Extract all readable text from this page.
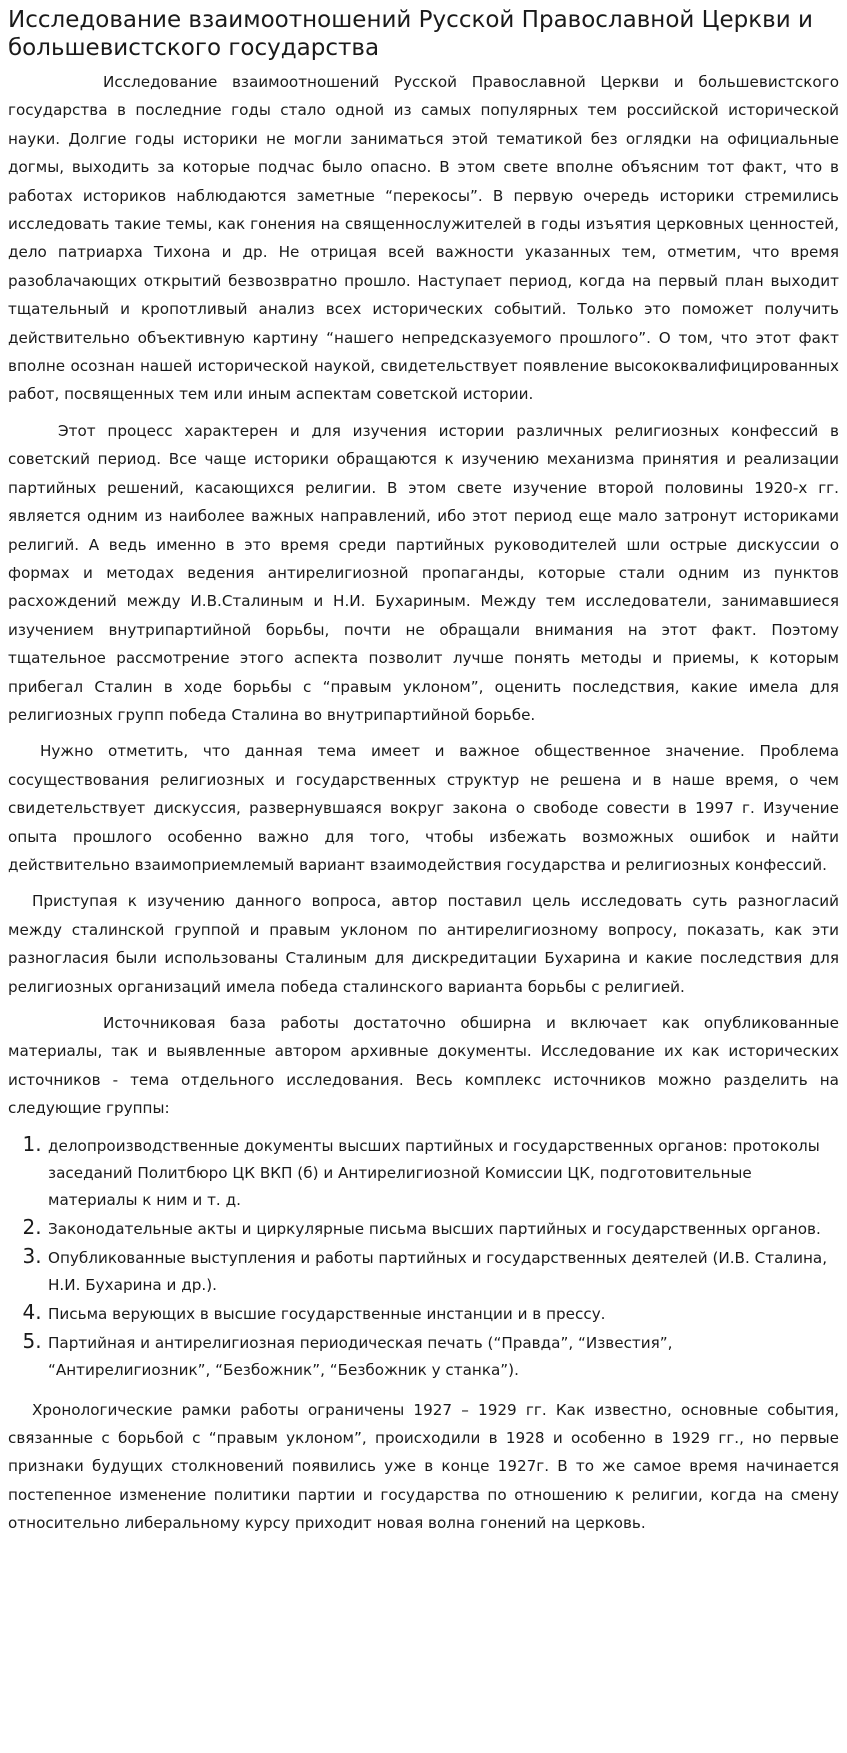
Исследование взаимоотношений Русской Православной Церкви и большевистского государства

Исследование взаимоотношений Русской Православной Церкви и большевистского государства в последние годы стало одной из самых популярных тем российской исторической науки. Долгие годы историки не могли заниматься этой тематикой без оглядки на официальные догмы, выходить за которые подчас было опасно. В этом свете вполне объясним тот факт, что в работах историков наблюдаются заметные “перекосы”. В первую очередь историки стремились исследовать такие темы, как гонения на священнослужителей в годы изъятия церковных ценностей, дело патриарха Тихона и др. Не отрицая всей важности указанных тем, отметим, что время разоблачающих открытий безвозвратно прошло. Наступает период, когда на первый план выходит тщательный и кропотливый анализ всех исторических событий. Только это поможет получить действительно объективную картину “нашего непредсказуемого прошлого”. О том, что этот факт вполне осознан нашей исторической наукой, свидетельствует появление высококвалифицированных работ, посвященных тем или иным аспектам советской истории.

Этот процесс характерен и для изучения истории различных религиозных конфессий в советский период. Все чаще историки обращаются к изучению механизма принятия и реализации партийных решений, касающихся религии. В этом свете изучение второй половины 1920-х гг. является одним из наиболее важных направлений, ибо этот период еще мало затронут историками религий. А ведь именно в это время среди партийных руководителей шли острые дискуссии о формах и методах ведения антирелигиозной пропаганды, которые стали одним из пунктов расхождений между И.В.Сталиным и Н.И. Бухариным. Между тем исследователи, занимавшиеся изучением внутрипартийной борьбы, почти не обращали внимания на этот факт. Поэтому тщательное рассмотрение этого аспекта позволит лучше понять методы и приемы, к которым прибегал Сталин в ходе борьбы с “правым уклоном”, оценить последствия, какие имела для религиозных групп победа Сталина во внутрипартийной борьбе.

Нужно отметить, что данная тема имеет и важное общественное значение. Проблема сосуществования религиозных и государственных структур не решена и в наше время, о чем свидетельствует дискуссия, развернувшаяся вокруг закона о свободе совести в 1997 г. Изучение опыта прошлого особенно важно для того, чтобы избежать возможных ошибок и найти действительно взаимоприемлемый вариант взаимодействия государства и религиозных конфессий.

Приступая к изучению данного вопроса, автор поставил цель исследовать суть разногласий между сталинской группой и правым уклоном по антирелигиозному вопросу, показать, как эти разногласия были использованы Сталиным для дискредитации Бухарина и какие последствия для религиозных организаций имела победа сталинского варианта борьбы с религией.

Источниковая база работы достаточно обширна и включает как опубликованные материалы, так и выявленные автором архивные документы. Исследование их как исторических источников - тема отдельного исследования. Весь комплекс источников можно разделить на следующие группы:

1. делопроизводственные документы высших партийных и государственных органов: протоколы заседаний Политбюро ЦК ВКП (б) и Антирелигиозной Комиссии ЦК, подготовительные материалы к ним и т. д.
2. Законодательные акты и циркулярные письма высших партийных и государственных органов.
3. Опубликованные выступления и работы партийных и государственных деятелей (И.В. Сталина, Н.И. Бухарина и др.).
4. Письма верующих в высшие государственные инстанции и в прессу.
5. Партийная и антирелигиозная периодическая печать (“Правда”, “Известия”, “Антирелигиозник”, “Безбожник”, “Безбожник у станка”).

Хронологические рамки работы ограничены 1927 – 1929 гг. Как известно, основные события, связанные с борьбой с “правым уклоном”, происходили в 1928 и особенно в 1929 гг., но первые признаки будущих столкновений появились уже в конце 1927г. В то же самое время начинается постепенное изменение политики партии и государства по отношению к религии, когда на смену относительно либеральному курсу приходит новая волна гонений на церковь.
